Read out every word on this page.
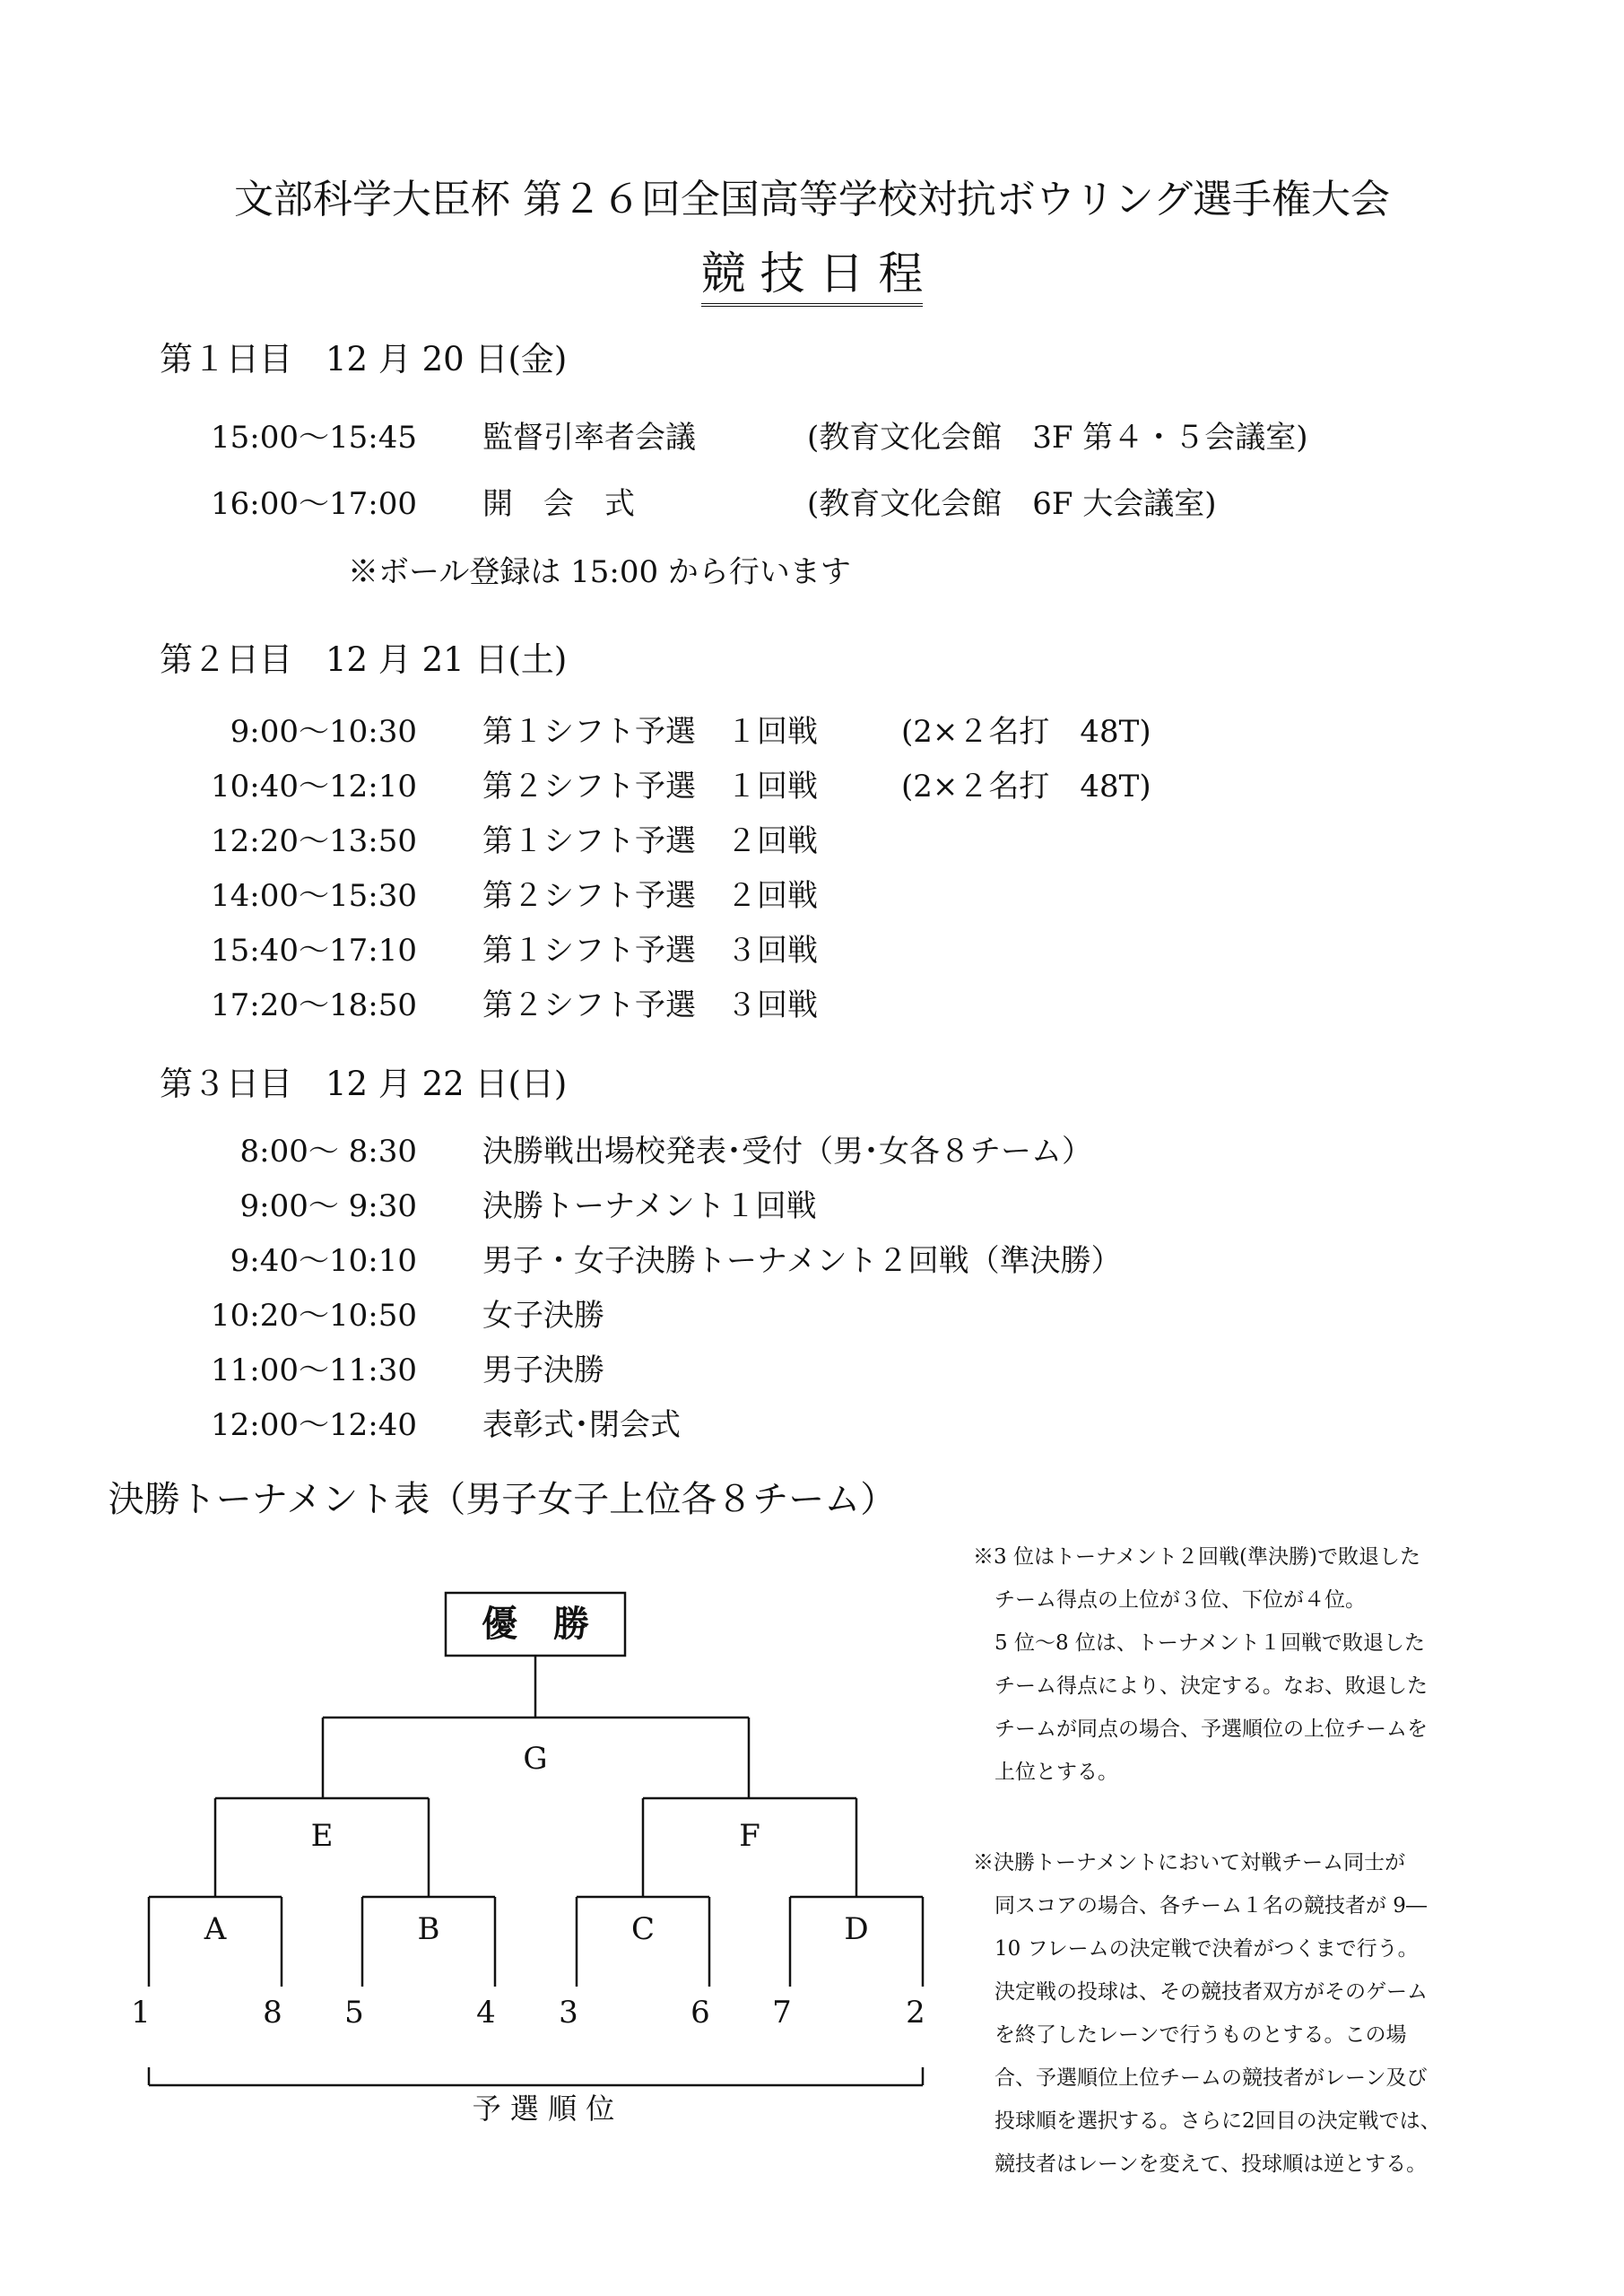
文部科学大臣杯 第２６回全国高等学校対抗ボウリング選手権大会
競 技 日 程
第１日目　12 月 20 日(金)
15:00～15:45 監督引率者会議	(教育文化会館　3F 第４・５会議室)
16:00～17:00 開　会　式	(教育文化会館　6F 大会議室)
※ボール登録は 15:00 から行います
第２日目　12 月 21 日(土)
9:00～10:30 第１シフト予選　１回戦	(2×２名打　48T)
10:40～12:10 第２シフト予選　１回戦	(2×２名打　48T)
12:20～13:50 第１シフト予選　２回戦
14:00～15:30 第２シフト予選　２回戦
15:40～17:10 第１シフト予選　３回戦
17:20～18:50 第２シフト予選　３回戦
第３日目　12 月 22 日(日)
8:00～ 8:30 決勝戦出場校発表･受付（男･女各８チーム）
9:00～ 9:30 決勝トーナメント１回戦
9:40～10:10 男子・女子決勝トーナメント２回戦（準決勝）
10:20～10:50 女子決勝
11:00～11:30 男子決勝
12:00～12:40 表彰式･閉会式
決勝トーナメント表（男子女子上位各８チーム）
優　勝
G
E	F
A	B	C	D
1	8 5	4 3	6 7	2
予 選 順 位

※3 位はトーナメント２回戦(準決勝)で敗退した

チーム得点の上位が３位、下位が４位。

5 位～8 位は、トーナメント１回戦で敗退した

チーム得点により、決定する。なお、敗退した

チームが同点の場合、予選順位の上位チームを

上位とする。

※決勝トーナメントにおいて対戦チーム同士が

同スコアの場合、各チーム１名の競技者が 9―

10 フレームの決定戦で決着がつくまで行う。

決定戦の投球は、その競技者双方がそのゲーム

を終了したレーンで行うものとする。この場

合、予選順位上位チームの競技者がレーン及び

投球順を選択する。さらに2回目の決定戦では、

競技者はレーンを変えて、投球順は逆とする。
